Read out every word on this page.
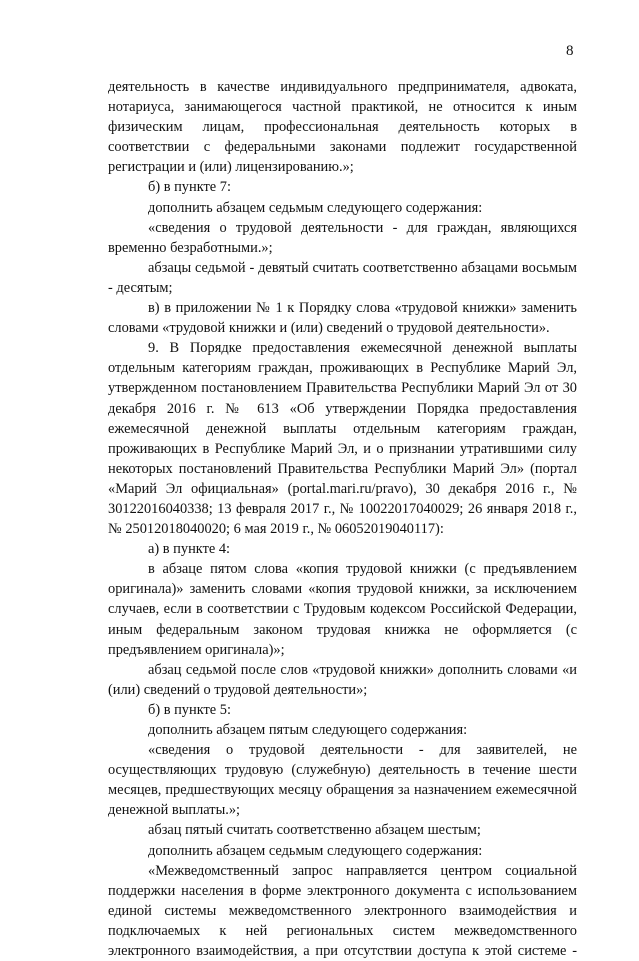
8

деятельность в качестве индивидуального предпринимателя, адвоката, нотариуса, занимающегося частной практикой, не относится к иным физическим лицам, профессиональная деятельность которых в соответствии с федеральными законами подлежит государственной регистрации и (или) лицензированию.»;

б) в пункте 7:

дополнить абзацем седьмым следующего содержания:

«сведения о трудовой деятельности - для граждан, являющихся временно безработными.»;

абзацы седьмой - девятый считать соответственно абзацами восьмым - десятым;

в) в приложении № 1 к Порядку слова «трудовой книжки» заменить словами «трудовой книжки и (или) сведений о трудовой деятельности».

9. В Порядке предоставления ежемесячной денежной выплаты отдельным категориям граждан, проживающих в Республике Марий Эл, утвержденном постановлением Правительства Республики Марий Эл от 30 декабря 2016 г. № 613 «Об утверждении Порядка предоставления ежемесячной денежной выплаты отдельным категориям граждан, проживающих в Республике Марий Эл, и о признании утратившими силу некоторых постановлений Правительства Республики Марий Эл» (портал «Марий Эл официальная» (portal.mari.ru/pravo), 30 декабря 2016 г., № 30122016040338; 13 февраля 2017 г., № 10022017040029; 26 января 2018 г., № 25012018040020; 6 мая 2019 г., № 06052019040117):

а) в пункте 4:

в абзаце пятом слова «копия трудовой книжки (с предъявлением оригинала)» заменить словами «копия трудовой книжки, за исключением случаев, если в соответствии с Трудовым кодексом Российской Федерации, иным федеральным законом трудовая книжка не оформляется (с предъявлением оригинала)»;

абзац седьмой после слов «трудовой книжки» дополнить словами «и (или) сведений о трудовой деятельности»;

б) в пункте 5:

дополнить абзацем пятым следующего содержания:

«сведения о трудовой деятельности - для заявителей, не осуществляющих трудовую (служебную) деятельность в течение шести месяцев, предшествующих месяцу обращения за назначением ежемесячной денежной выплаты.»;

абзац пятый считать соответственно абзацем шестым;

дополнить абзацем седьмым следующего содержания:

«Межведомственный запрос направляется центром социальной поддержки населения в форме электронного документа с использованием единой системы межведомственного электронного взаимодействия и подключаемых к ней региональных систем межведомственного электронного взаимодействия, а при отсутствии доступа к этой системе -
